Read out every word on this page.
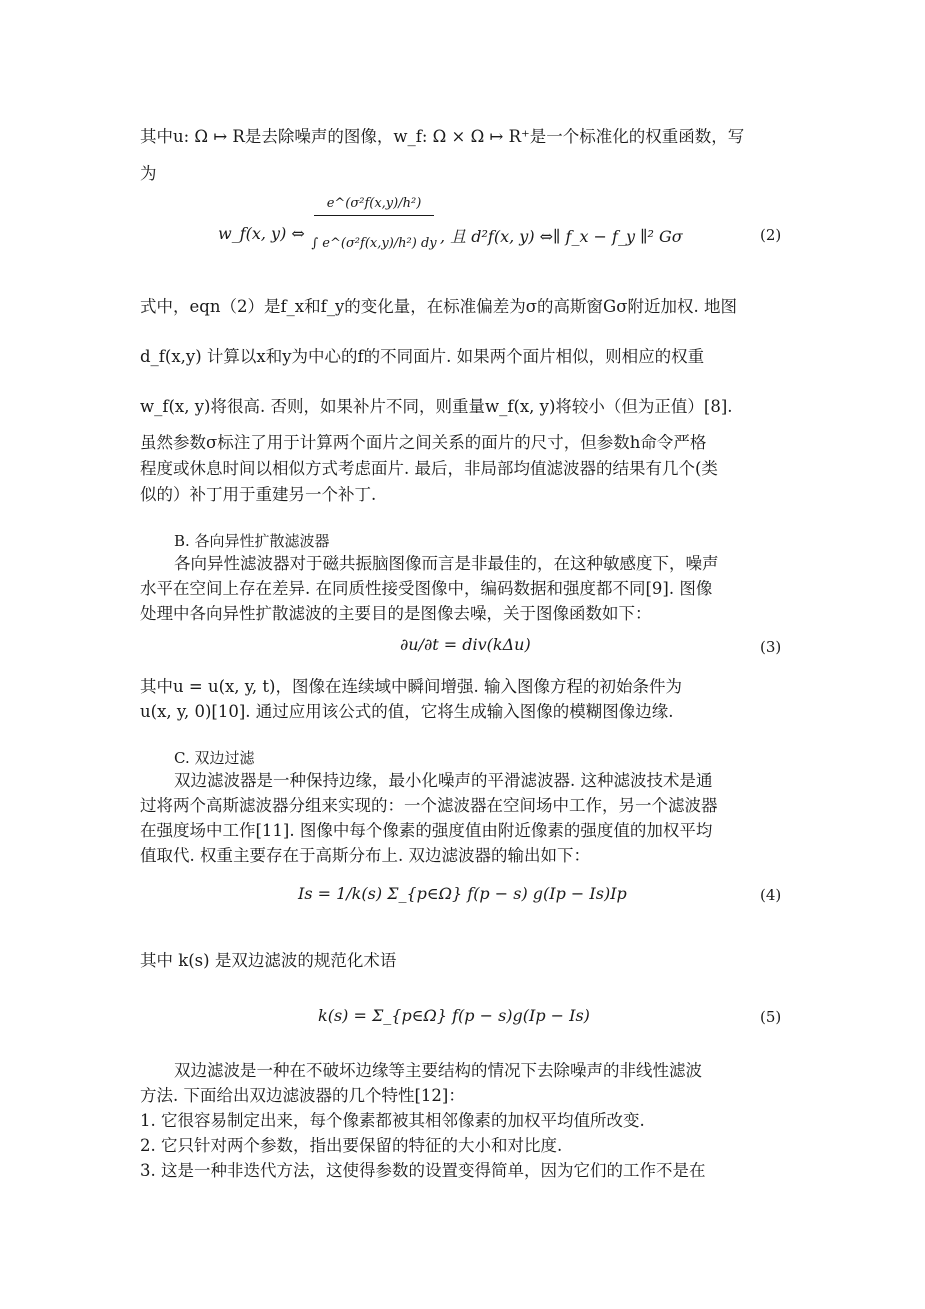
其中u: Ω ↦ R是去除噪声的图像，w_f: Ω × Ω ↦ R⁺是一个标准化的权重函数，写
为
w_f(x, y) ⇔
e^(σ²f(x,y)/h²)
∫ e^(σ²f(x,y)/h²) dy , 且 d²f(x, y) ⇔∥ f_x − f_y ∥² Gσ	(2)
式中，eqn（2）是f_x和f_y的变化量，在标准偏差为σ的高斯窗Gσ附近加权. 地图
d_f(x,y) 计算以x和y为中心的f的不同面片. 如果两个面片相似，则相应的权重
w_f(x, y)将很高. 否则，如果补片不同，则重量w_f(x, y)将较小（但为正值）[8].
虽然参数σ标注了用于计算两个面片之间关系的面片的尺寸，但参数h命令严格
程度或休息时间以相似方式考虑面片. 最后，非局部均值滤波器的结果有几个(类
似的）补丁用于重建另一个补丁.
B. 各向异性扩散滤波器
各向异性滤波器对于磁共振脑图像而言是非最佳的，在这种敏感度下，噪声
水平在空间上存在差异. 在同质性接受图像中，编码数据和强度都不同[9]. 图像
处理中各向异性扩散滤波的主要目的是图像去噪，关于图像函数如下：
∂u/∂t = div(kΔu)	(3)
其中u = u(x, y, t)，图像在连续域中瞬间增强. 输入图像方程的初始条件为
u(x, y, 0)[10]. 通过应用该公式的值，它将生成输入图像的模糊图像边缘.
C. 双边过滤
双边滤波器是一种保持边缘，最小化噪声的平滑滤波器. 这种滤波技术是通
过将两个高斯滤波器分组来实现的：一个滤波器在空间场中工作，另一个滤波器
在强度场中工作[11]. 图像中每个像素的强度值由附近像素的强度值的加权平均
值取代. 权重主要存在于高斯分布上. 双边滤波器的输出如下：
Is = 1/k(s) Σ_{p∈Ω} f(p − s) g(Ip − Is)Ip	(4)
其中 k(s) 是双边滤波的规范化术语
k(s) = Σ_{p∈Ω} f(p − s)g(Ip − Is)	(5)
双边滤波是一种在不破坏边缘等主要结构的情况下去除噪声的非线性滤波
方法. 下面给出双边滤波器的几个特性[12]：
1. 它很容易制定出来，每个像素都被其相邻像素的加权平均值所改变.
2. 它只针对两个参数，指出要保留的特征的大小和对比度.
3. 这是一种非迭代方法，这使得参数的设置变得简单，因为它们的工作不是在
